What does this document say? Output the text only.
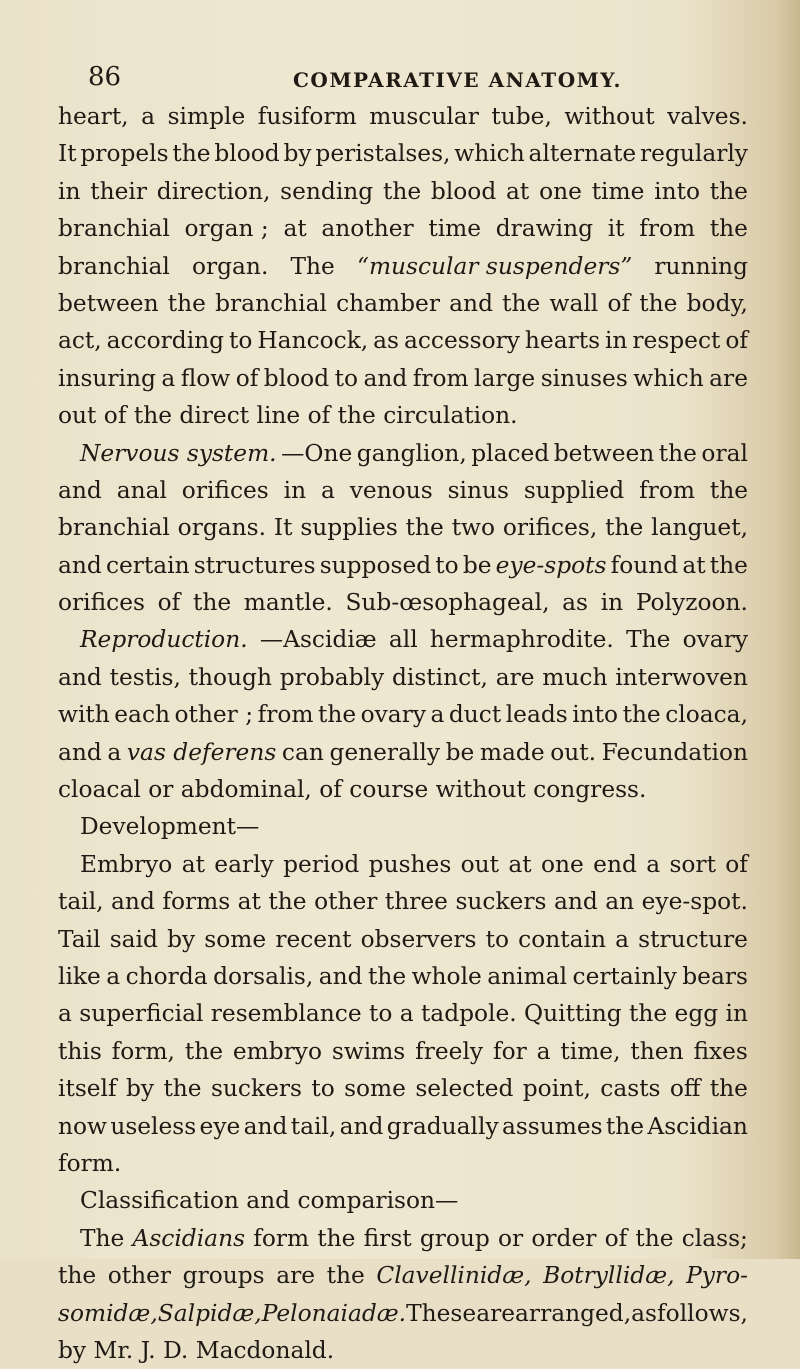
86	COMPARATIVE ANATOMY.
heart, a simple fusiform muscular tube, without valves.
It propels the blood by peristalses, which alternate regularly
in their direction, sending the blood at one time into the
branchial organ ; at another time drawing it from the
branchial organ. The “muscular suspenders” running
between the branchial chamber and the wall of the body,
act, according to Hancock, as accessory hearts in respect of
insuring a flow of blood to and from large sinuses which are
out of the direct line of the circulation.
Nervous system. —One ganglion, placed between the oral
and anal orifices in a venous sinus supplied from the
branchial organs. It supplies the two orifices, the languet,
and certain structures supposed to be eye-spots found at the
orifices of the mantle. Sub-œsophageal, as in Polyzoon.
Reproduction. —Ascidiæ all hermaphrodite. The ovary
and testis, though probably distinct, are much interwoven
with each other ; from the ovary a duct leads into the cloaca,
and a vas deferens can generally be made out. Fecundation
cloacal or abdominal, of course without congress.
Development—
Embryo at early period pushes out at one end a sort of
tail, and forms at the other three suckers and an eye-spot.
Tail said by some recent observers to contain a structure
like a chorda dorsalis, and the whole animal certainly bears
a superficial resemblance to a tadpole. Quitting the egg in
this form, the embryo swims freely for a time, then fixes
itself by the suckers to some selected point, casts off the
now useless eye and tail, and gradually assumes the Ascidian
form.
Classification and comparison—
The Ascidians form the first group or order of the class;
the other groups are the Clavellinidæ, Botryllidæ, Pyro-
somidæ, Salpidæ, Pelonaiadæ. These are arranged, as follows,
by Mr. J. D. Macdonald.
